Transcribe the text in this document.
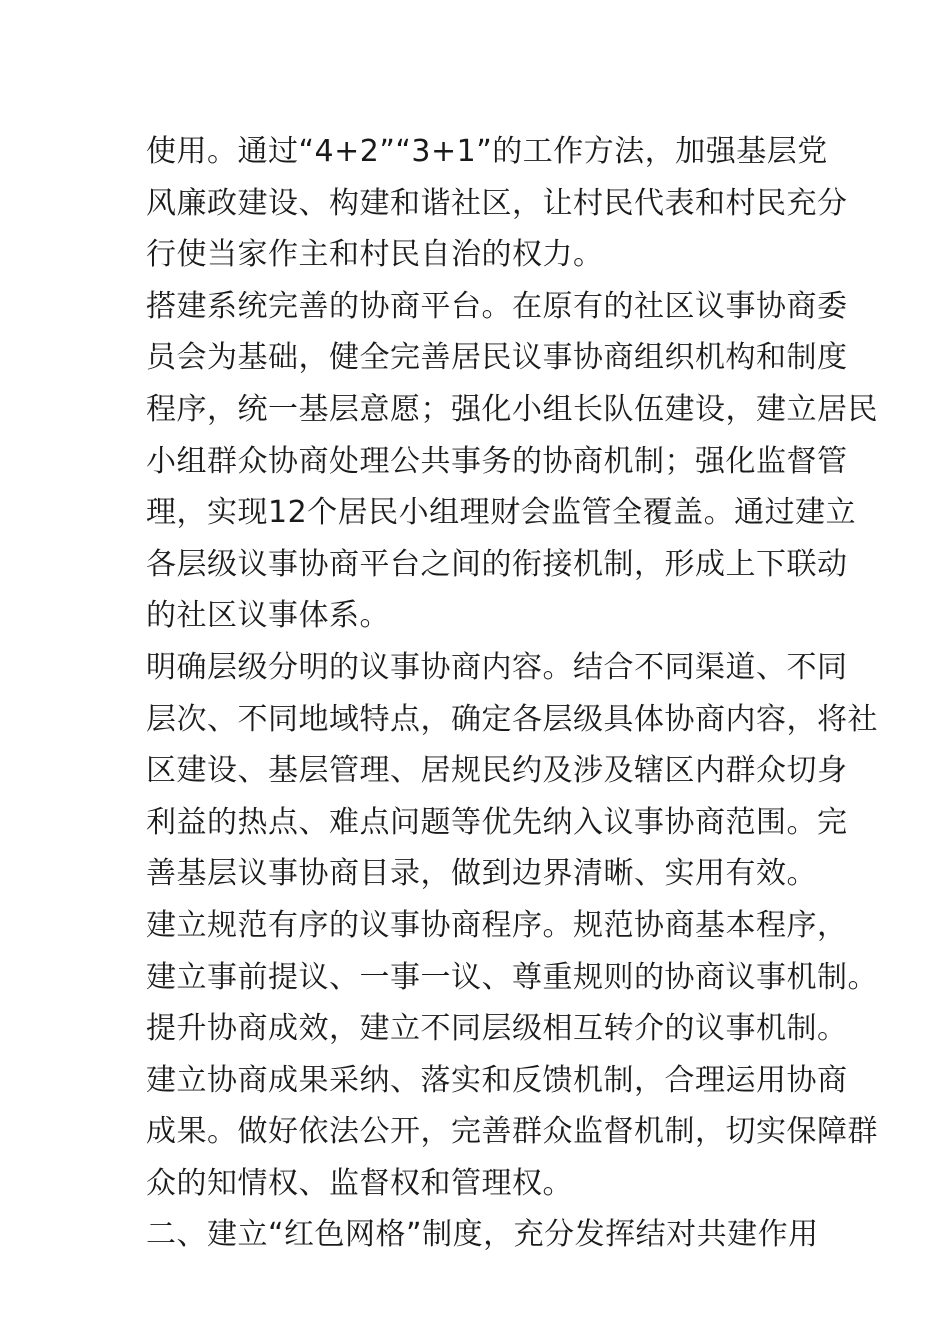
使用。通过“4+2”“3+1”的工作方法，加强基层党
风廉政建设、构建和谐社区，让村民代表和村民充分
行使当家作主和村民自治的权力。
搭建系统完善的协商平台。在原有的社区议事协商委
员会为基础，健全完善居民议事协商组织机构和制度
程序，统一基层意愿；强化小组长队伍建设，建立居民
小组群众协商处理公共事务的协商机制；强化监督管
理，实现12个居民小组理财会监管全覆盖。通过建立
各层级议事协商平台之间的衔接机制，形成上下联动
的社区议事体系。
明确层级分明的议事协商内容。结合不同渠道、不同
层次、不同地域特点，确定各层级具体协商内容，将社
区建设、基层管理、居规民约及涉及辖区内群众切身
利益的热点、难点问题等优先纳入议事协商范围。完
善基层议事协商目录，做到边界清晰、实用有效。
建立规范有序的议事协商程序。规范协商基本程序，
建立事前提议、一事一议、尊重规则的协商议事机制。
提升协商成效，建立不同层级相互转介的议事机制。
建立协商成果采纳、落实和反馈机制，合理运用协商
成果。做好依法公开，完善群众监督机制，切实保障群
众的知情权、监督权和管理权。
二、建立“红色网格”制度，充分发挥结对共建作用
